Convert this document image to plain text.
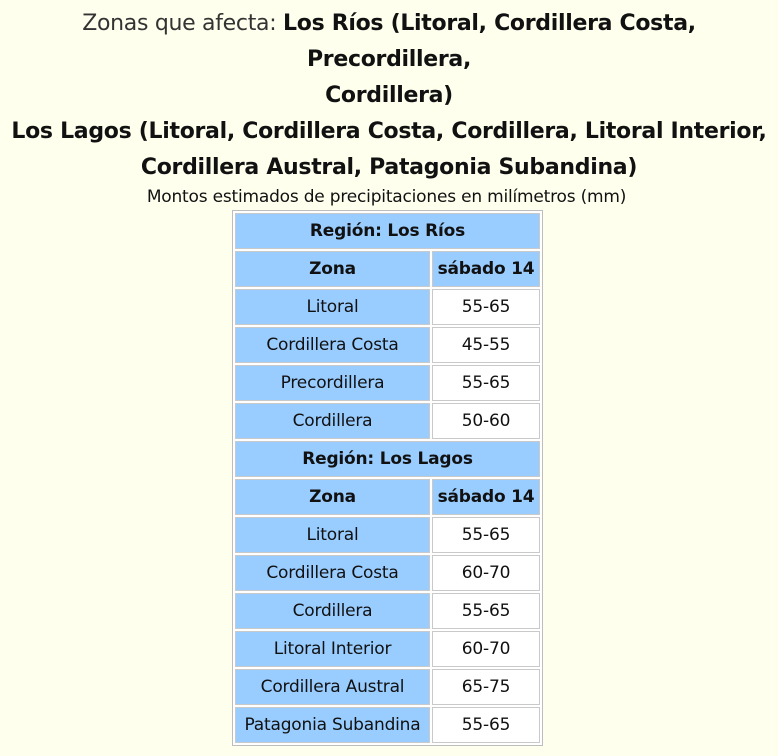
Zonas que afecta: Los Ríos (Litoral, Cordillera Costa, Precordillera,
Cordillera)
Los Lagos (Litoral, Cordillera Costa, Cordillera, Litoral Interior,
Cordillera Austral, Patagonia Subandina)
Montos estimados de precipitaciones en milímetros (mm)
Región: Los Ríos	
Zona	sábado 14
Litoral	55-65
Cordillera Costa	45-55
Precordillera	55-65
Cordillera	50-60
Región: Los Lagos	
Zona	sábado 14
Litoral	55-65
Cordillera Costa	60-70
Cordillera	55-65
Litoral Interior	60-70
Cordillera Austral	65-75
Patagonia Subandina	55-65
